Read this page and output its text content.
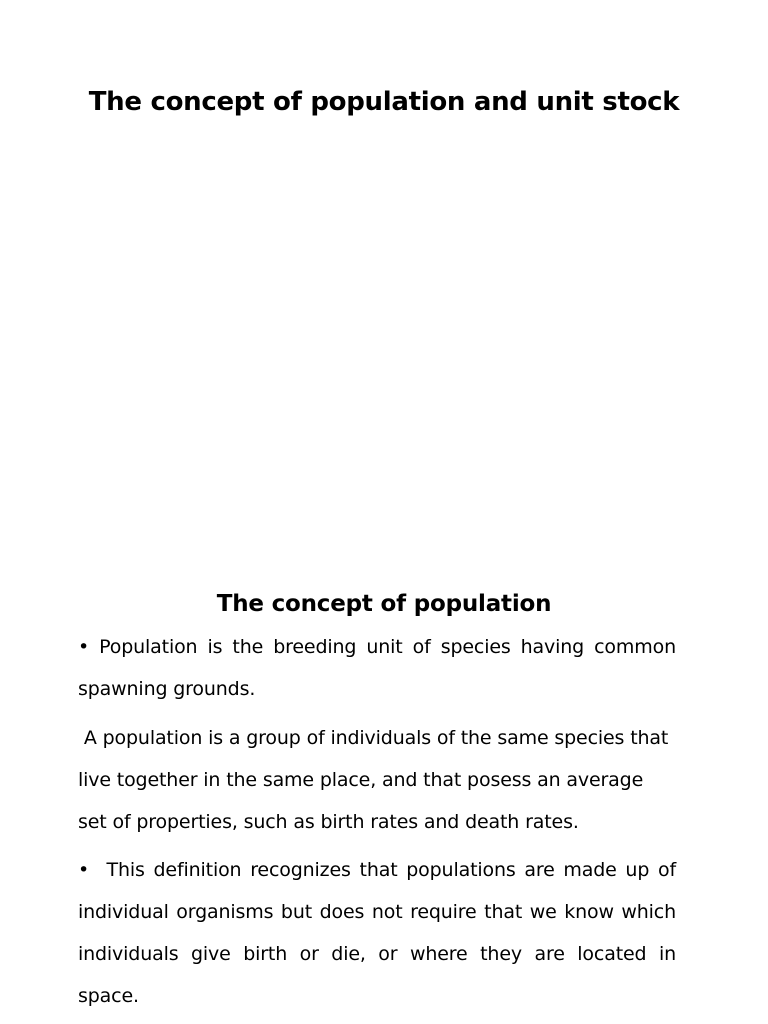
The concept of population and unit stock
The concept of population

• Population is the breeding unit of species having common spawning grounds.

A population is a group of individuals of the same species that live together in the same place, and that posess an average set of properties, such as birth rates and death rates.

•  This definition recognizes that populations are made up of individual organisms but does not require that we know which individuals give birth or die, or where they are located in space.
